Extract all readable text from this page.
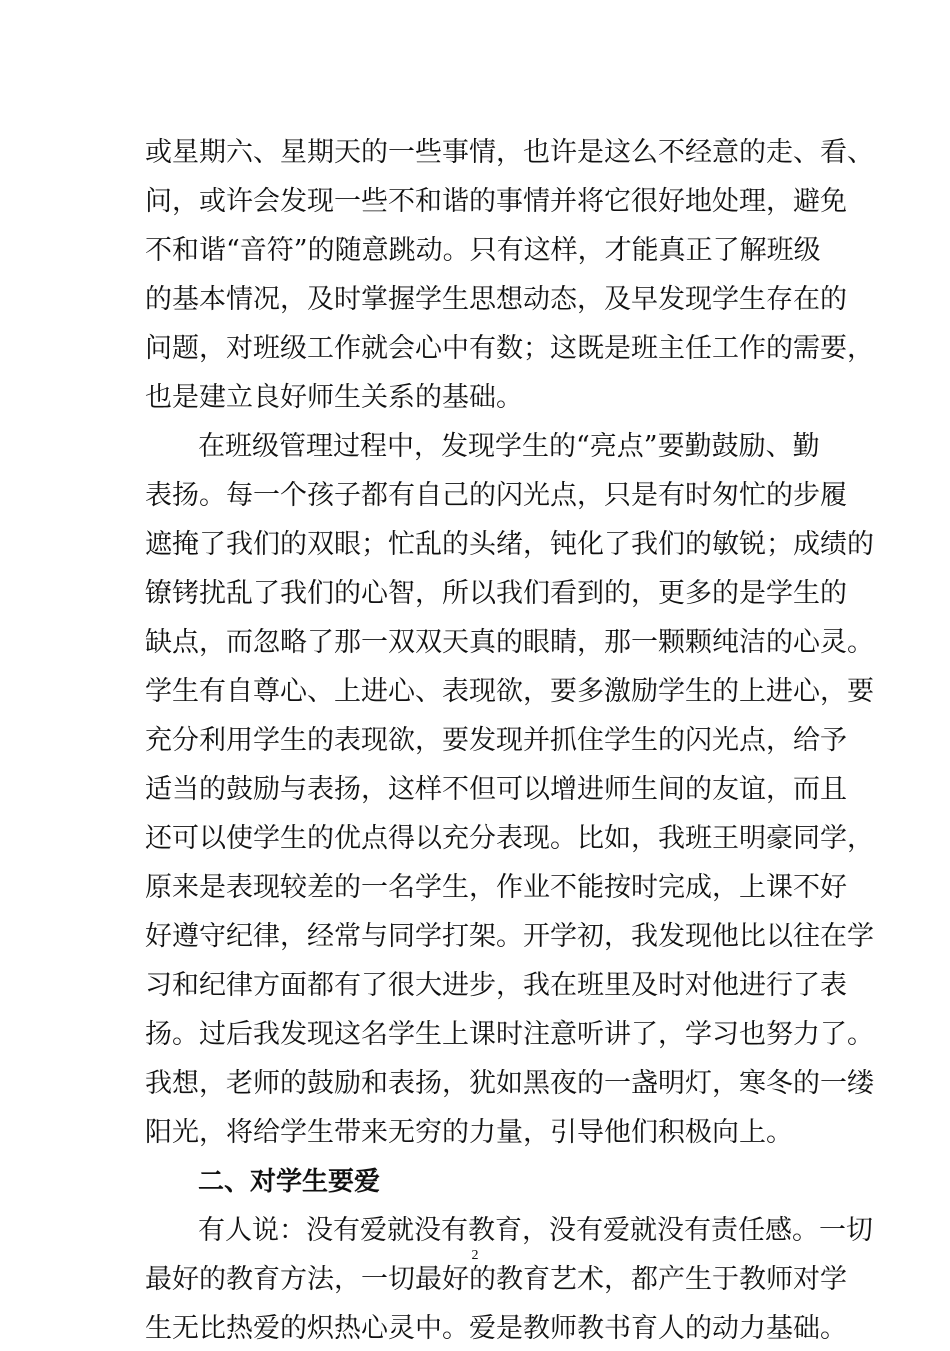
或星期六、星期天的一些事情，也许是这么不经意的走、看、
问，或许会发现一些不和谐的事情并将它很好地处理，避免
不和谐“音符”的随意跳动。只有这样，才能真正了解班级
的基本情况，及时掌握学生思想动态，及早发现学生存在的
问题，对班级工作就会心中有数；这既是班主任工作的需要，
也是建立良好师生关系的基础。
在班级管理过程中，发现学生的“亮点”要勤鼓励、勤
表扬。每一个孩子都有自己的闪光点，只是有时匆忙的步履
遮掩了我们的双眼；忙乱的头绪，钝化了我们的敏锐；成绩的
镣铐扰乱了我们的心智，所以我们看到的，更多的是学生的
缺点，而忽略了那一双双天真的眼睛，那一颗颗纯洁的心灵。
学生有自尊心、上进心、表现欲，要多激励学生的上进心，要
充分利用学生的表现欲，要发现并抓住学生的闪光点，给予
适当的鼓励与表扬，这样不但可以增进师生间的友谊，而且
还可以使学生的优点得以充分表现。比如，我班王明豪同学，
原来是表现较差的一名学生，作业不能按时完成，上课不好
好遵守纪律，经常与同学打架。开学初，我发现他比以往在学
习和纪律方面都有了很大进步，我在班里及时对他进行了表
扬。过后我发现这名学生上课时注意听讲了，学习也努力了。
我想，老师的鼓励和表扬，犹如黑夜的一盏明灯，寒冬的一缕
阳光，将给学生带来无穷的力量，引导他们积极向上。
二、对学生要爱
有人说：没有爱就没有教育，没有爱就没有责任感。一切
最好的教育方法，一切最好的教育艺术，都产生于教师对学
生无比热爱的炽热心灵中。爱是教师教书育人的动力基础。
2
